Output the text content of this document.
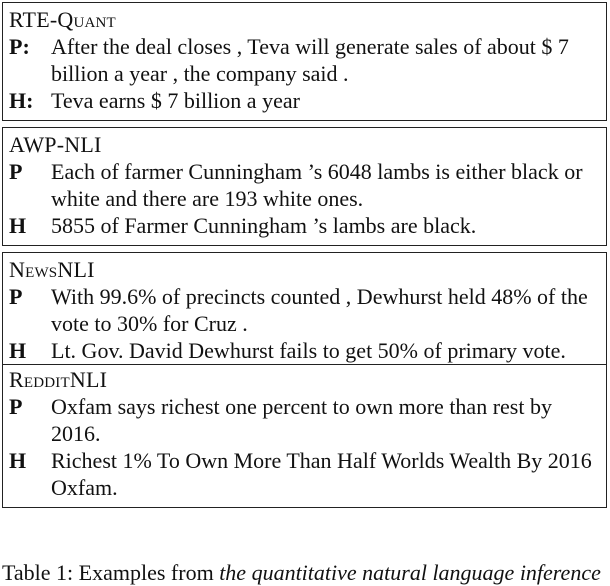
RTE-Quant
P: After the deal closes , Teva will generate sales of about $ 7 billion a year , the company said .
H: Teva earns $ 7 billion a year
AWP-NLI
P	Each of farmer Cunningham ’s 6048 lambs is either black or white and there are 193 white ones.
H	5855 of Farmer Cunningham ’s lambs are black.
NewsNLI
P	With 99.6% of precincts counted , Dewhurst held 48% of the vote to 30% for Cruz .
H	Lt. Gov. David Dewhurst fails to get 50% of primary vote.
RedditNLI
P	Oxfam says richest one percent to own more than rest by 2016.
H	Richest 1% To Own More Than Half Worlds Wealth By 2016 Oxfam.
Table 1: Examples from the quantitative natural language inference
